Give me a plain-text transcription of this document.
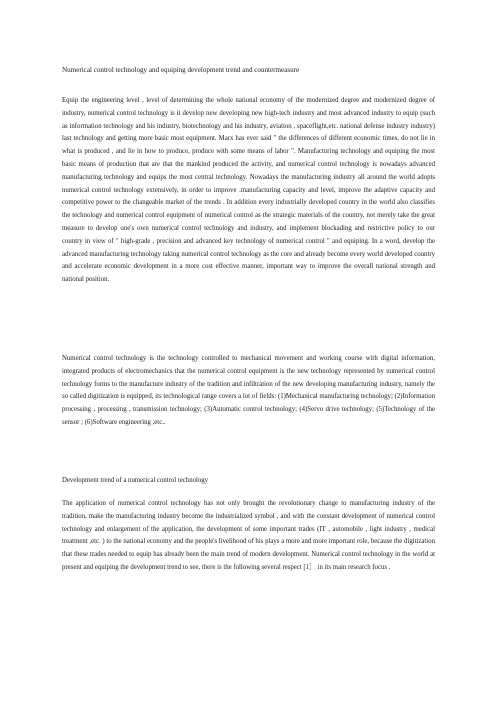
Numerical control technology and equiping development trend and countermeasure

Equip the engineering level , level of determining the whole national economy of the modernized degree and modernized degree of industry, numerical control technology is it develop new developing new high-tech industry and most advanced industry to equip (such as information technology and his industry, biotechnology and his industry, aviation , spaceflight,etc. national defense industry industry) last technology and getting more basic most equipment. Marx has ever said " the differences of different economic times, do not lie in what is produced , and lie in how to produce, produce with some means of labor ". Manufacturing technology and equiping the most basic means of production that are that the mankind produced the activity, and numerical control technology is nowadays advanced manufacturing technology and equips the most central technology. Nowadays the manufacturing industry all around the world adopts numerical control technology extensively, in order to improve .manufacturing capacity and level, improve the adaptive capacity and competitive power to the changeable market of the trends . In addition every industrially developed country in the world also classifies the technology and numerical control equipment of numerical control as the strategic materials of the country, not merely take the great measure to develop one's own numerical control technology and industry, and implement blockading and restrictive policy to our country in view of " high-grade , precision and advanced key technology of numerical control " and equiping. In a word, develop the advanced manufacturing technology taking numerical control technology as the core and already become every world developed country and accelerate economic development in a more cost effective manner, important way to improve the overall national strength and national position.

Numerical control technology is the technology controlled to mechanical movement and working course with digital information, integrated products of electromechanics that the numerical control equipment is the new technology represented by numerical control technology forms to the manufacture industry of the tradition and infiltration of the new developing manufacturing industry, namely the so called digitization is equipped, its technological range covers a lot of fields: (1)Mechanical manufacturing technology; (2)Information processing , processing , transmission technology; (3)Automatic control technology; (4)Servo drive technology; (5)Technology of the sensor ; (6)Software engineering ,etc..

Development trend of a numerical control technology

The application of numerical control technology has not only brought the revolutionary change to manufacturing industry of the tradition, make the manufacturing industry become the industrialized symbol , and with the constant development of numerical control technology and enlargement of the application, the development of some important trades (IT , automobile , light industry , medical treatment ,etc. ) to the national economy and the people's livelihood of his plays a more and more important role, because the digitization that these trades needed to equip has already been the main trend of modern development. Numerical control technology in the world at present and equiping the development trend to see, there is the following several respect [1］ in its main research focus .
